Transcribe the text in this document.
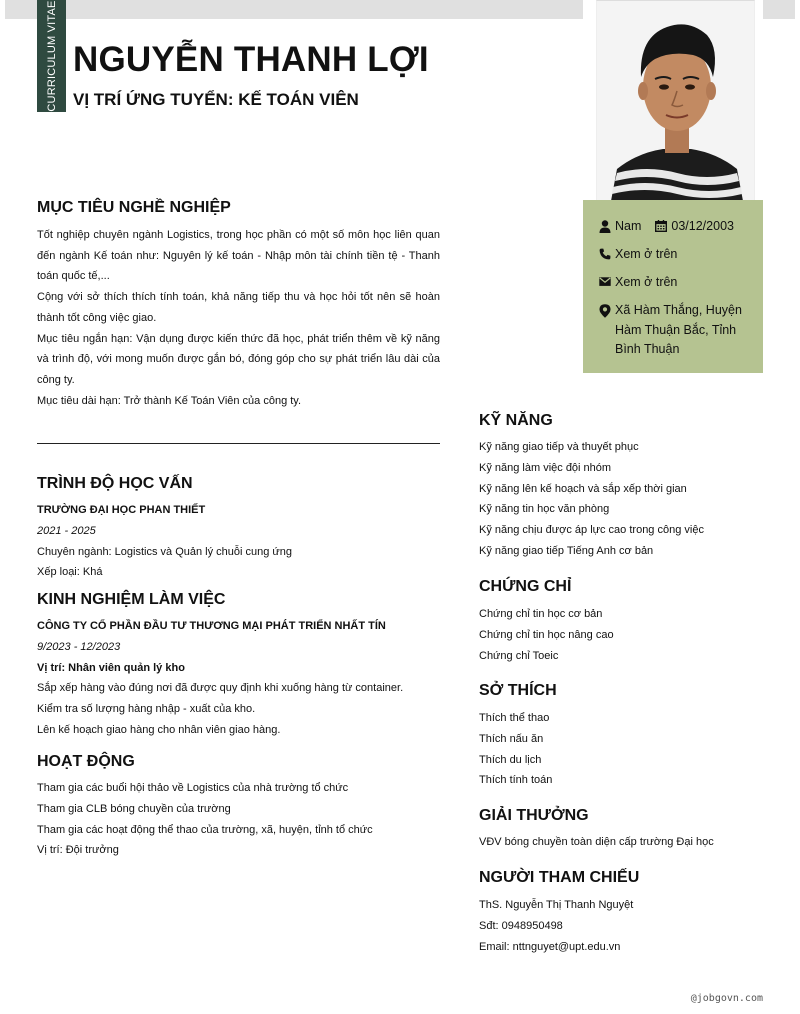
CURRICULUM VITAE NGUYỄN THANH LỢI
VỊ TRÍ ỨNG TUYỂN: KẾ TOÁN VIÊN
Nam 03/12/2003
Xem ở trên
Xem ở trên
Xã Hàm Thắng, Huyện Hàm Thuận Bắc, Tỉnh Bình Thuận
MỤC TIÊU NGHỀ NGHIỆP

Tốt nghiệp chuyên ngành Logistics, trong học phần có một số môn học liên quan đến ngành Kế toán như: Nguyên lý kế toán - Nhập môn tài chính tiền tệ - Thanh toán quốc tế,...

Cộng với sở thích thích tính toán, khả năng tiếp thu và học hỏi tốt nên sẽ hoàn thành tốt công việc giao.

Mục tiêu ngắn hạn: Vận dụng được kiến thức đã học, phát triển thêm về kỹ năng và trình độ, với mong muốn được gắn bó, đóng góp cho sự phát triển lâu dài của công ty.

Mục tiêu dài hạn: Trở thành Kế Toán Viên của công ty.

TRÌNH ĐỘ HỌC VẤN
TRƯỜNG ĐẠI HỌC PHAN THIẾT
2021 - 2025
Chuyên ngành: Logistics và Quản lý chuỗi cung ứng
Xếp loại: Khá
KINH NGHIỆM LÀM VIỆC
CÔNG TY CỔ PHẦN ĐẦU TƯ THƯƠNG MẠI PHÁT TRIỂN NHẤT TÍN
9/2023 - 12/2023
Vị trí: Nhân viên quản lý kho
Sắp xếp hàng vào đúng nơi đã được quy định khi xuống hàng từ container.
Kiểm tra số lượng hàng nhập - xuất của kho.
Lên kế hoạch giao hàng cho nhân viên giao hàng.
HOẠT ĐỘNG
Tham gia các buổi hội thảo về Logistics của nhà trường tổ chức
Tham gia CLB bóng chuyền của trường
Tham gia các hoạt động thể thao của trường, xã, huyện, tỉnh tổ chức
Vị trí: Đội trưởng
KỸ NĂNG
Kỹ năng giao tiếp và thuyết phục
Kỹ năng làm việc đội nhóm
Kỹ năng lên kế hoạch và sắp xếp thời gian
Kỹ năng tin học văn phòng
Kỹ năng chịu được áp lực cao trong công việc
Kỹ năng giao tiếp Tiếng Anh cơ bản
CHỨNG CHỈ
Chứng chỉ tin học cơ bản
Chứng chỉ tin học nâng cao
Chứng chỉ Toeic
SỞ THÍCH
Thích thể thao
Thích nấu ăn
Thích du lịch
Thích tính toán
GIẢI THƯỞNG
VĐV bóng chuyền toàn diện cấp trường Đại học
NGƯỜI THAM CHIẾU
ThS. Nguyễn Thị Thanh Nguyệt
Sđt: 0948950498
Email: nttnguyet@upt.edu.vn
@jobgovn.com
